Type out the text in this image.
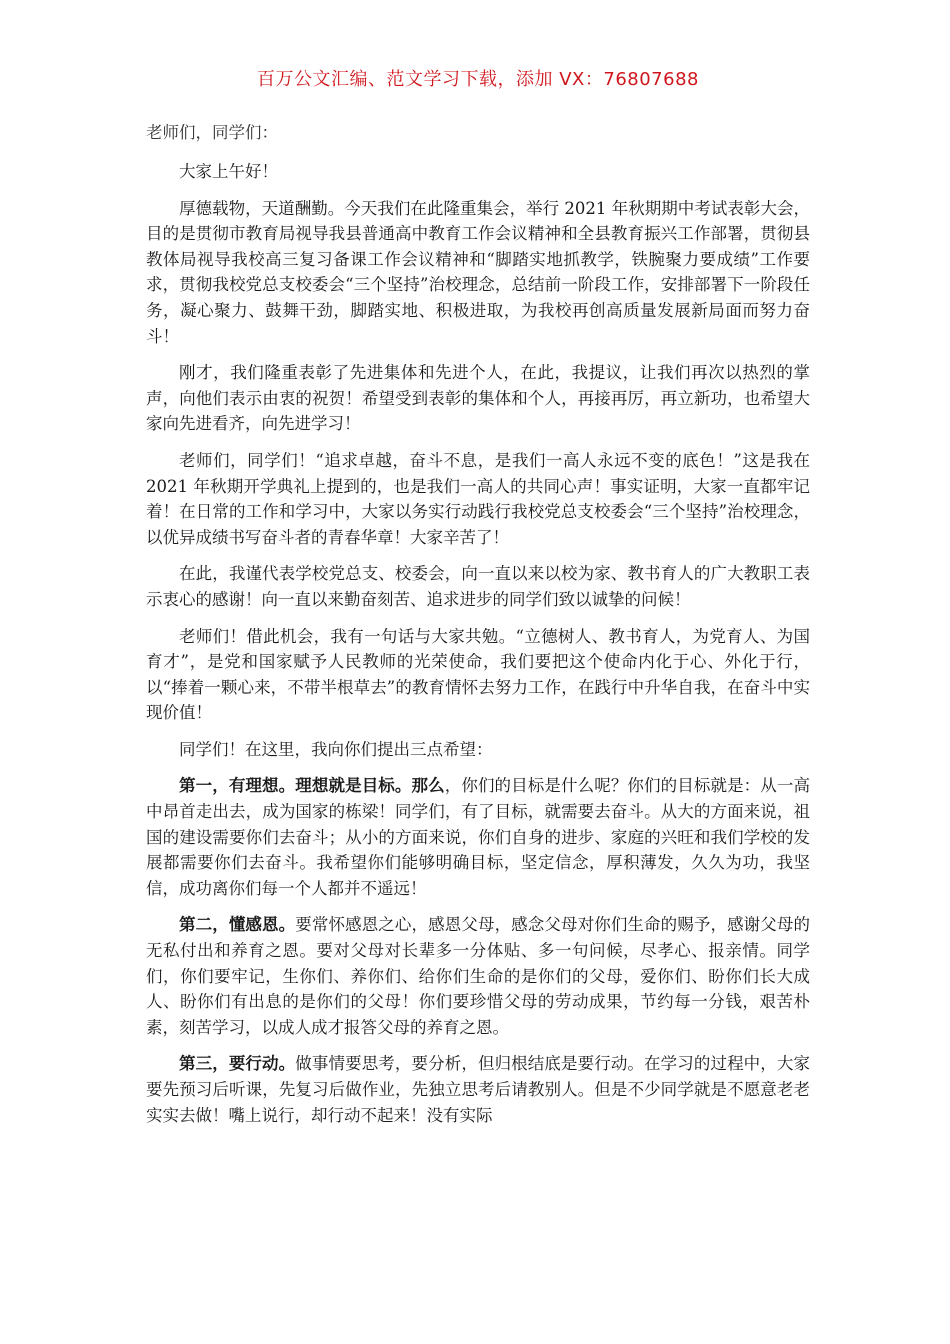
百万公文汇编、范文学习下载，添加 VX：76807688
老师们，同学们：

大家上午好！

厚德载物，天道酬勤。今天我们在此隆重集会，举行 2021 年秋期期中考试表彰大会，目的是贯彻市教育局视导我县普通高中教育工作会议精神和全县教育振兴工作部署，贯彻县教体局视导我校高三复习备课工作会议精神和“脚踏实地抓教学，铁腕聚力要成绩”工作要求，贯彻我校党总支校委会“三个坚持”治校理念，总结前一阶段工作，安排部署下一阶段任务，凝心聚力、鼓舞干劲，脚踏实地、积极进取，为我校再创高质量发展新局面而努力奋斗！

刚才，我们隆重表彰了先进集体和先进个人，在此，我提议，让我们再次以热烈的掌声，向他们表示由衷的祝贺！希望受到表彰的集体和个人，再接再厉，再立新功，也希望大家向先进看齐，向先进学习！

老师们，同学们！“追求卓越，奋斗不息，是我们一高人永远不变的底色！”这是我在 2021 年秋期开学典礼上提到的，也是我们一高人的共同心声！事实证明，大家一直都牢记着！在日常的工作和学习中，大家以务实行动践行我校党总支校委会“三个坚持”治校理念，以优异成绩书写奋斗者的青春华章！大家辛苦了！

在此，我谨代表学校党总支、校委会，向一直以来以校为家、教书育人的广大教职工表示衷心的感谢！向一直以来勤奋刻苦、追求进步的同学们致以诚挚的问候！

老师们！借此机会，我有一句话与大家共勉。“立德树人、教书育人，为党育人、为国育才”，是党和国家赋予人民教师的光荣使命，我们要把这个使命内化于心、外化于行，以“捧着一颗心来，不带半根草去”的教育情怀去努力工作，在践行中升华自我，在奋斗中实现价值！

同学们！在这里，我向你们提出三点希望：

第一，有理想。理想就是目标。那么，你们的目标是什么呢？你们的目标就是：从一高中昂首走出去，成为国家的栋梁！同学们，有了目标，就需要去奋斗。从大的方面来说，祖国的建设需要你们去奋斗；从小的方面来说，你们自身的进步、家庭的兴旺和我们学校的发展都需要你们去奋斗。我希望你们能够明确目标，坚定信念，厚积薄发，久久为功，我坚信，成功离你们每一个人都并不遥远！

第二，懂感恩。要常怀感恩之心，感恩父母，感念父母对你们生命的赐予，感谢父母的无私付出和养育之恩。要对父母对长辈多一分体贴、多一句问候，尽孝心、报亲情。同学们，你们要牢记，生你们、养你们、给你们生命的是你们的父母，爱你们、盼你们长大成人、盼你们有出息的是你们的父母！你们要珍惜父母的劳动成果，节约每一分钱，艰苦朴素，刻苦学习，以成人成才报答父母的养育之恩。

第三，要行动。做事情要思考，要分析，但归根结底是要行动。在学习的过程中，大家要先预习后听课，先复习后做作业，先独立思考后请教别人。但是不少同学就是不愿意老老实实去做！嘴上说行，却行动不起来！没有实际
